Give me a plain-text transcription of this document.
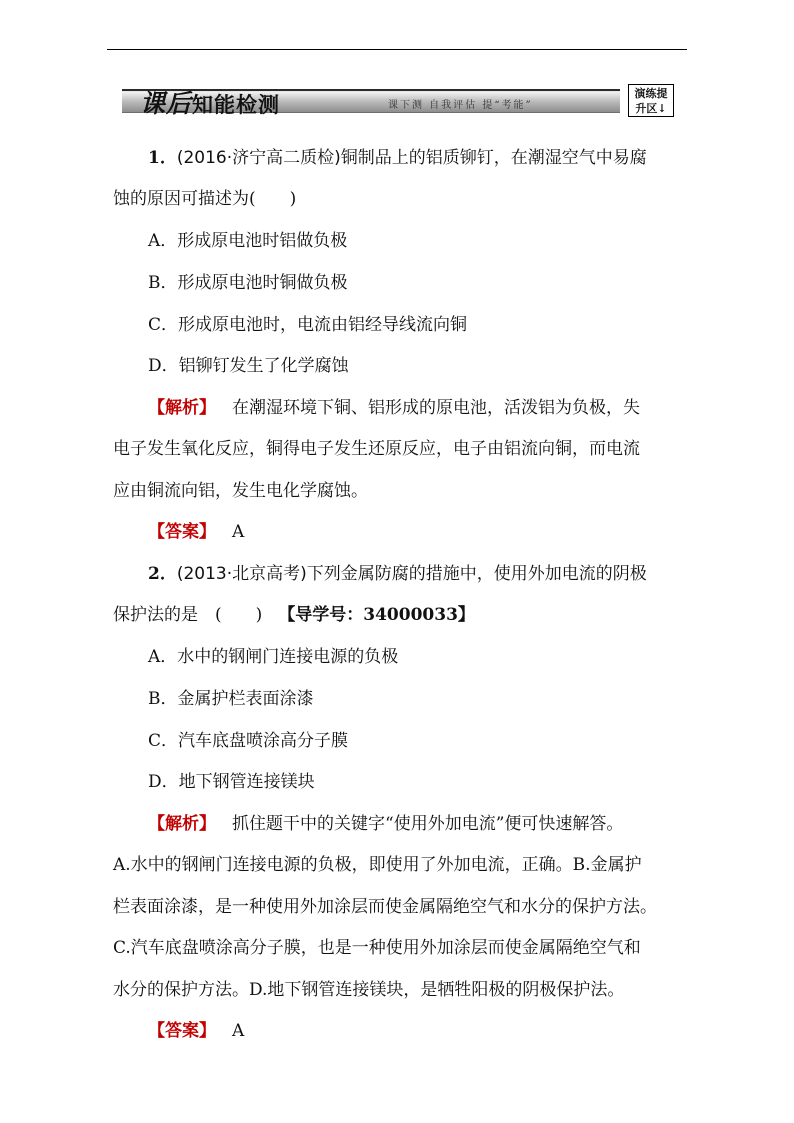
课后知能检测	课下测 自我评估 提“考能”
演练提
升区↓
1．(2016·济宁高二质检)铜制品上的铝质铆钉，在潮湿空气中易腐
蚀的原因可描述为(　　)
A．形成原电池时铝做负极
B．形成原电池时铜做负极
C．形成原电池时，电流由铝经导线流向铜
D．铝铆钉发生了化学腐蚀
【解析】 在潮湿环境下铜、铝形成的原电池，活泼铝为负极，失
电子发生氧化反应，铜得电子发生还原反应，电子由铝流向铜，而电流
应由铜流向铝，发生电化学腐蚀。
【答案】 A
2．(2013·北京高考)下列金属防腐的措施中，使用外加电流的阴极
保护法的是　(　　) 【导学号：34000033】
A．水中的钢闸门连接电源的负极
B．金属护栏表面涂漆
C．汽车底盘喷涂高分子膜
D．地下钢管连接镁块
【解析】 抓住题干中的关键字“使用外加电流”便可快速解答。
A.水中的钢闸门连接电源的负极，即使用了外加电流，正确。B.金属护
栏表面涂漆，是一种使用外加涂层而使金属隔绝空气和水分的保护方法。
C.汽车底盘喷涂高分子膜，也是一种使用外加涂层而使金属隔绝空气和
水分的保护方法。D.地下钢管连接镁块，是牺牲阳极的阴极保护法。
【答案】 A
